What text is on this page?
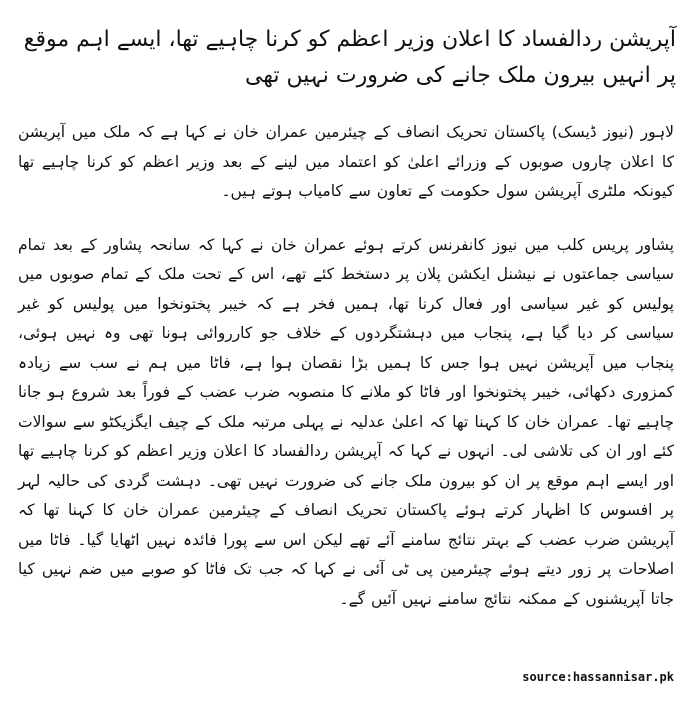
آپریشن ردالفساد کا اعلان وزیر اعظم کو کرنا چاہیے تھا، ایسے اہم موقع پر انہیں بیرون ملک جانے کی ضرورت نہیں تھی

لاہور (نیوز ڈیسک) پاکستان تحریک انصاف کے چیئرمین عمران خان نے کہا ہے کہ ملک میں آپریشن کا اعلان چاروں صوبوں کے وزرائے اعلیٰ کو اعتماد میں لینے کے بعد وزیر اعظم کو کرنا چاہیے تھا کیونکہ ملٹری آپریشن سول حکومت کے تعاون سے کامیاب ہوتے ہیں۔

پشاور پریس کلب میں نیوز کانفرنس کرتے ہوئے عمران خان نے کہا کہ سانحہ پشاور کے بعد تمام سیاسی جماعتوں نے نیشنل ایکشن پلان پر دستخط کئے تھے، اس کے تحت ملک کے تمام صوبوں میں پولیس کو غیر سیاسی اور فعال کرنا تھا، ہمیں فخر ہے کہ خیبر پختونخوا میں پولیس کو غیر سیاسی کر دیا گیا ہے، پنجاب میں دہشتگردوں کے خلاف جو کارروائی ہونا تھی وہ نہیں ہوئی، پنجاب میں آپریشن نہیں ہوا جس کا ہمیں بڑا نقصان ہوا ہے، فاٹا میں ہم نے سب سے زیادہ کمزوری دکھائی، خیبر پختونخوا اور فاٹا کو ملانے کا منصوبہ ضرب عضب کے فوراً بعد شروع ہو جانا چاہیے تھا۔ عمران خان کا کہنا تھا کہ اعلیٰ عدلیہ نے پہلی مرتبہ ملک کے چیف ایگزیکٹو سے سوالات کئے اور ان کی تلاشی لی۔ انہوں نے کہا کہ آپریشن ردالفساد کا اعلان وزیر اعظم کو کرنا چاہیے تھا اور ایسے اہم موقع پر ان کو بیرون ملک جانے کی ضرورت نہیں تھی۔ دہشت گردی کی حالیہ لہر پر افسوس کا اظہار کرتے ہوئے پاکستان تحریک انصاف کے چیئرمین عمران خان کا کہنا تھا کہ آپریشن ضرب عضب کے بہتر نتائج سامنے آئے تھے لیکن اس سے پورا فائدہ نہیں اٹھایا گیا۔ فاٹا میں اصلاحات پر زور دیتے ہوئے چیئرمین پی ٹی آئی نے کہا کہ جب تک فاٹا کو صوبے میں ضم نہیں کیا جاتا آپریشنوں کے ممکنہ نتائج سامنے نہیں آئیں گے۔

source:hassannisar.pk
